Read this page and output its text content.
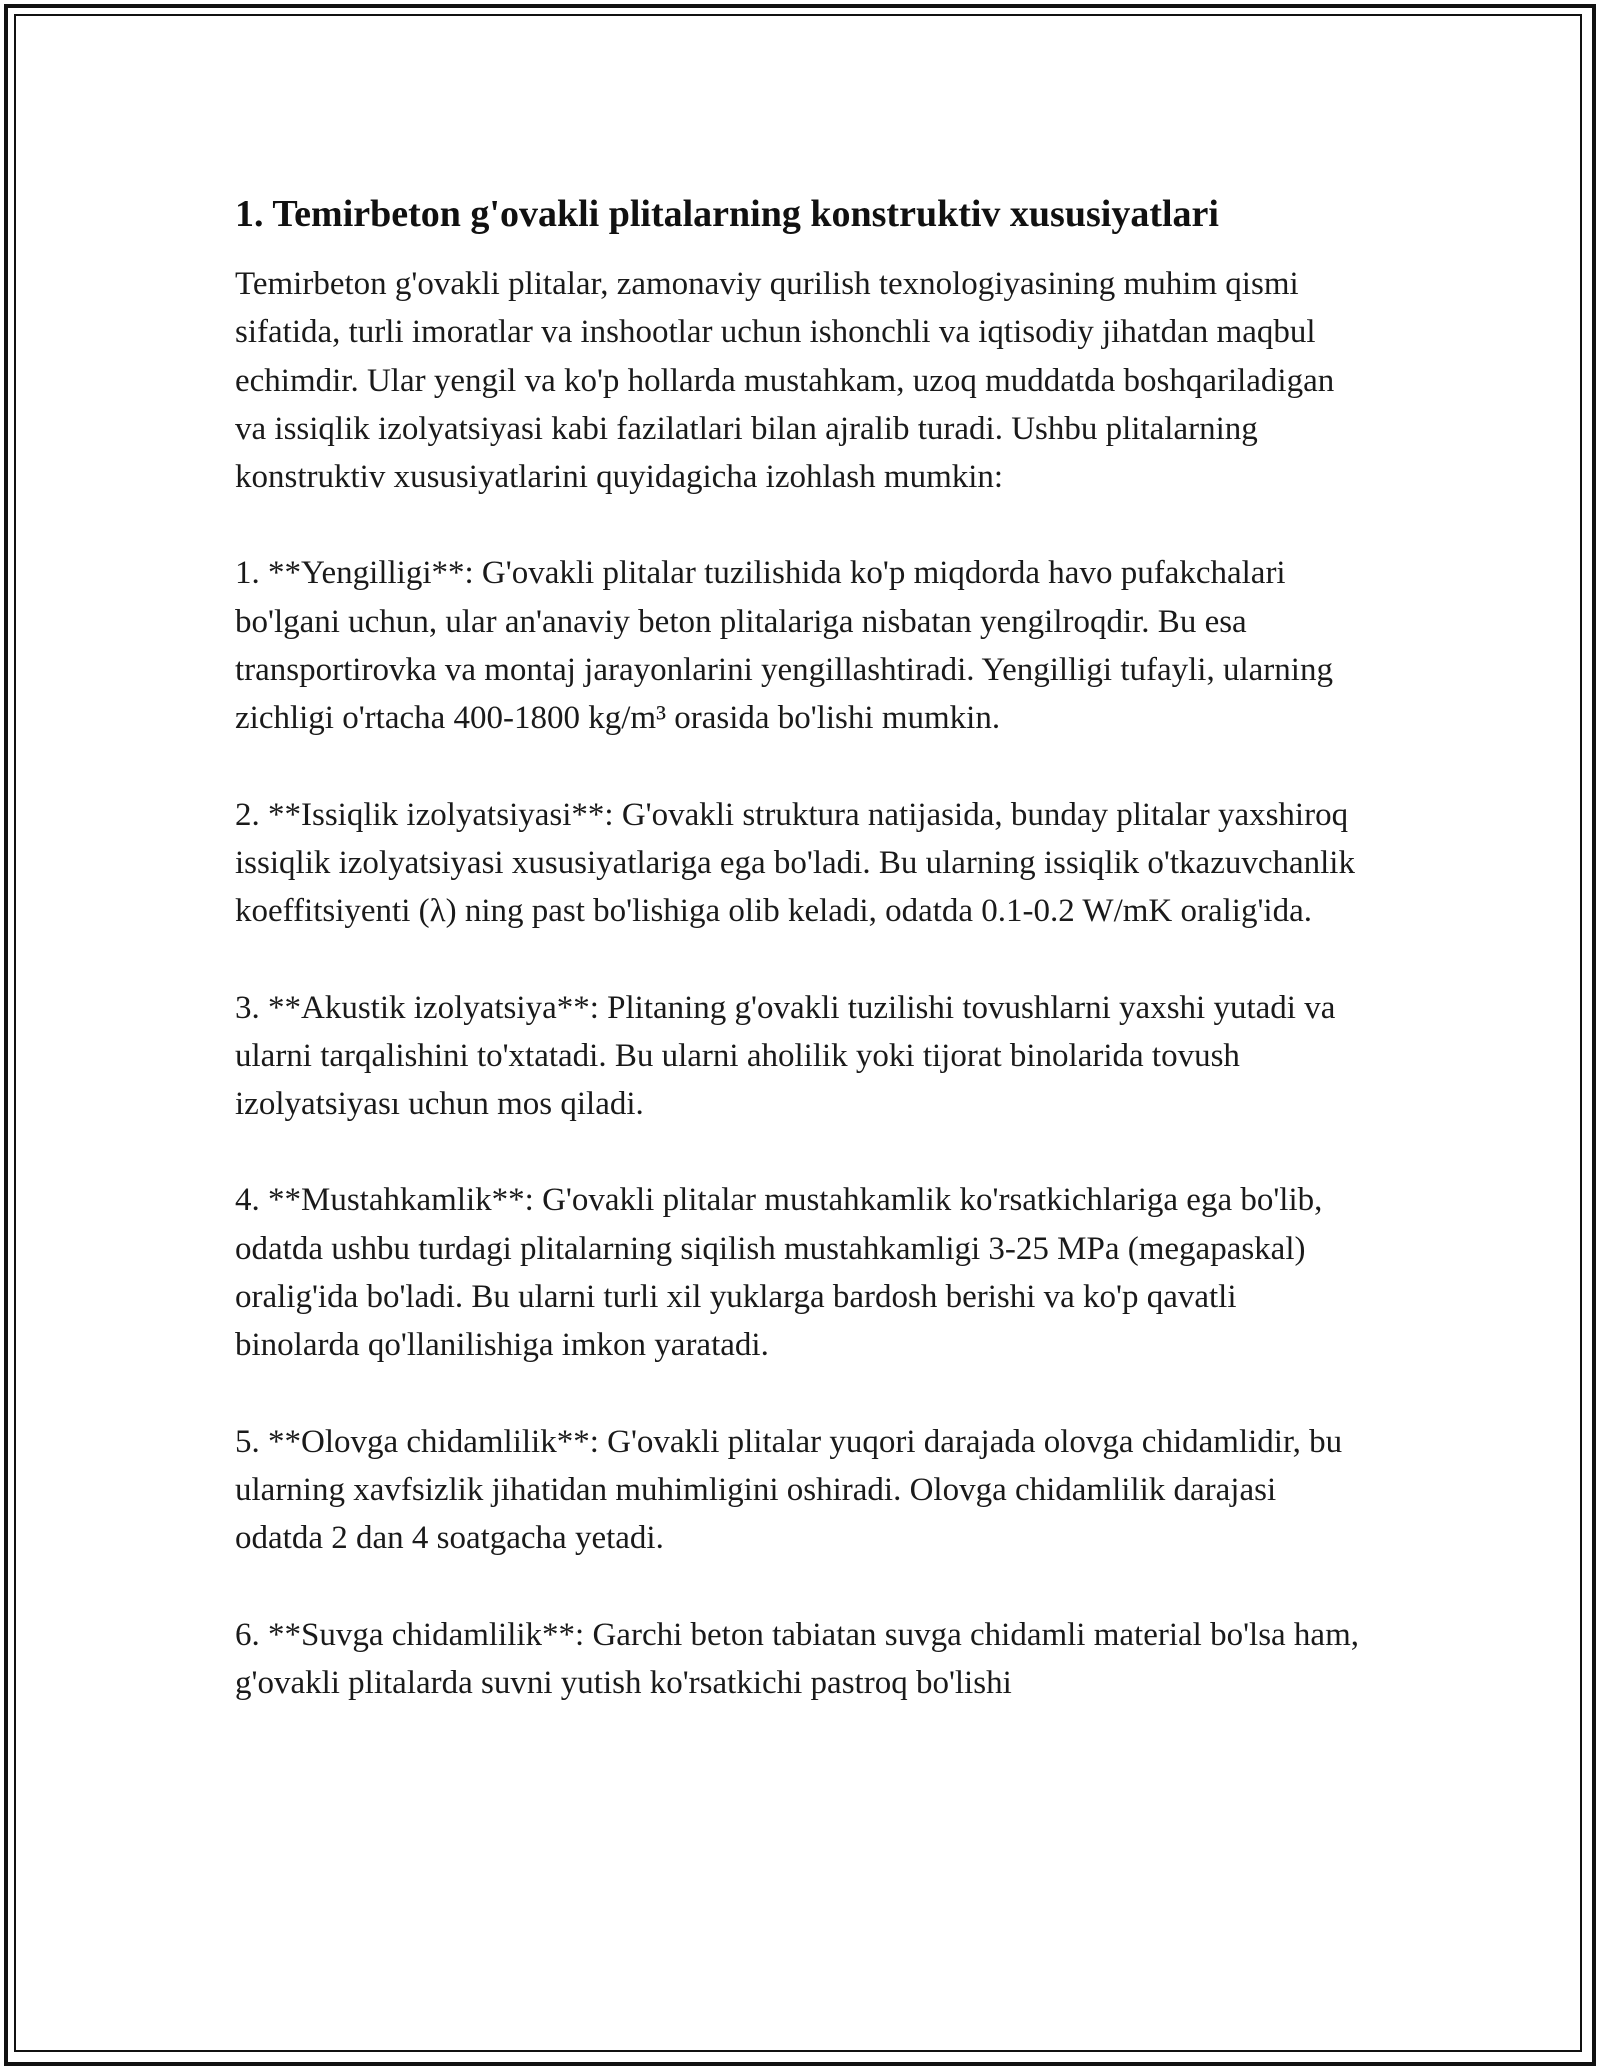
1. Temirbeton g'ovakli plitalarning konstruktiv xususiyatlari

Temirbeton g'ovakli plitalar, zamonaviy qurilish texnologiyasining muhim qismi sifatida, turli imoratlar va inshootlar uchun ishonchli va iqtisodiy jihatdan maqbul echimdir. Ular yengil va ko'p hollarda mustahkam, uzoq muddatda boshqariladigan va issiqlik izolyatsiyasi kabi fazilatlari bilan ajralib turadi. Ushbu plitalarning konstruktiv xususiyatlarini quyidagicha izohlash mumkin:

1. **Yengilligi**: G'ovakli plitalar tuzilishida ko'p miqdorda havo pufakchalari bo'lgani uchun, ular an'anaviy beton plitalariga nisbatan yengilroqdir. Bu esa transportirovka va montaj jarayonlarini yengillashtiradi. Yengilligi tufayli, ularning zichligi o'rtacha 400-1800 kg/m³ orasida bo'lishi mumkin.

2. **Issiqlik izolyatsiyasi**: G'ovakli struktura natijasida, bunday plitalar yaxshiroq issiqlik izolyatsiyasi xususiyatlariga ega bo'ladi. Bu ularning issiqlik o'tkazuvchanlik koeffitsiyenti (λ) ning past bo'lishiga olib keladi, odatda 0.1-0.2 W/mK oralig'ida.

3. **Akustik izolyatsiya**: Plitaning g'ovakli tuzilishi tovushlarni yaxshi yutadi va ularni tarqalishini to'xtatadi. Bu ularni aholilik yoki tijorat binolarida tovush izolyatsiyası uchun mos qiladi.

4. **Mustahkamlik**: G'ovakli plitalar mustahkamlik ko'rsatkichlariga ega bo'lib, odatda ushbu turdagi plitalarning siqilish mustahkamligi 3-25 MPa (megapaskal) oralig'ida bo'ladi. Bu ularni turli xil yuklarga bardosh berishi va ko'p qavatli binolarda qo'llanilishiga imkon yaratadi.

5. **Olovga chidamlilik**: G'ovakli plitalar yuqori darajada olovga chidamlidir, bu ularning xavfsizlik jihatidan muhimligini oshiradi. Olovga chidamlilik darajasi odatda 2 dan 4 soatgacha yetadi.

6. **Suvga chidamlilik**: Garchi beton tabiatan suvga chidamli material bo'lsa ham, g'ovakli plitalarda suvni yutish ko'rsatkichi pastroq bo'lishi
